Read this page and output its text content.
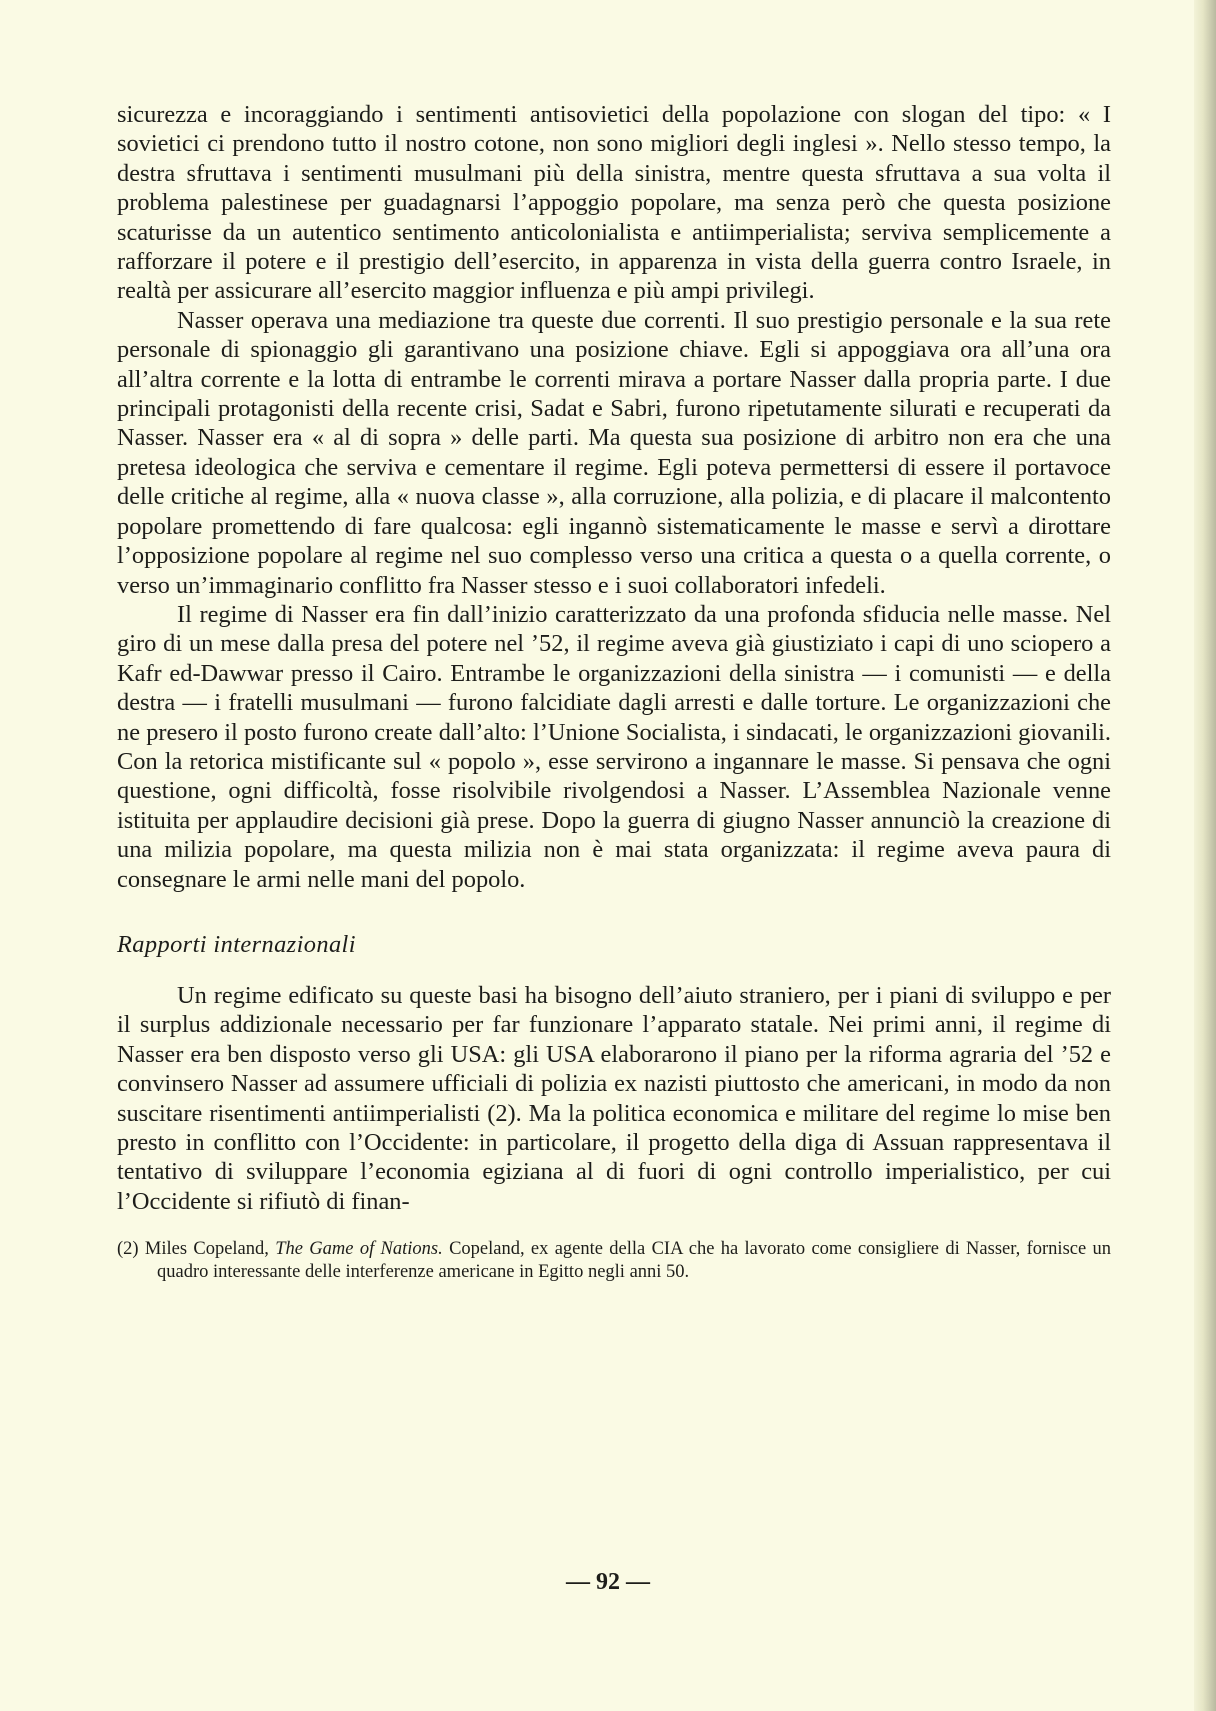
sicurezza e incoraggiando i sentimenti antisovietici della popolazione con slogan del tipo: « I sovietici ci prendono tutto il nostro cotone, non sono migliori degli inglesi ». Nello stesso tempo, la destra sfruttava i sentimenti musulmani più della sinistra, mentre questa sfruttava a sua volta il problema palestinese per guadagnarsi l’appoggio popolare, ma senza però che questa posizione scaturisse da un autentico sentimento anticolonialista e antiimperialista; serviva semplicemente a rafforzare il potere e il prestigio dell’esercito, in apparenza in vista della guerra contro Israele, in realtà per assicurare all’esercito maggior influenza e più ampi privilegi.

Nasser operava una mediazione tra queste due correnti. Il suo prestigio personale e la sua rete personale di spionaggio gli garantivano una posizione chiave. Egli si appoggiava ora all’una ora all’altra corrente e la lotta di entrambe le correnti mirava a portare Nasser dalla propria parte. I due principali protagonisti della recente crisi, Sadat e Sabri, furono ripetutamente silurati e recuperati da Nasser. Nasser era « al di sopra » delle parti. Ma questa sua posizione di arbitro non era che una pretesa ideologica che serviva e cementare il regime. Egli poteva permettersi di essere il portavoce delle critiche al regime, alla « nuova classe », alla corruzione, alla polizia, e di placare il malcontento popolare promettendo di fare qualcosa: egli ingannò sistematicamente le masse e servì a dirottare l’opposizione popolare al regime nel suo complesso verso una critica a questa o a quella corrente, o verso un’immaginario conflitto fra Nasser stesso e i suoi collaboratori infedeli.

Il regime di Nasser era fin dall’inizio caratterizzato da una profonda sfiducia nelle masse. Nel giro di un mese dalla presa del potere nel ’52, il regime aveva già giustiziato i capi di uno sciopero a Kafr ed-Dawwar presso il Cairo. Entrambe le organizzazioni della sinistra — i comunisti — e della destra — i fratelli musulmani — furono falcidiate dagli arresti e dalle torture. Le organizzazioni che ne presero il posto furono create dall’alto: l’Unione Socialista, i sindacati, le organizzazioni giovanili. Con la retorica mistificante sul « popolo », esse servirono a ingannare le masse. Si pensava che ogni questione, ogni difficoltà, fosse risolvibile rivolgendosi a Nasser. L’Assemblea Nazionale venne istituita per applaudire decisioni già prese. Dopo la guerra di giugno Nasser annunciò la creazione di una milizia popolare, ma questa milizia non è mai stata organizzata: il regime aveva paura di consegnare le armi nelle mani del popolo.

Rapporti internazionali

Un regime edificato su queste basi ha bisogno dell’aiuto straniero, per i piani di sviluppo e per il surplus addizionale necessario per far funzionare l’apparato statale. Nei primi anni, il regime di Nasser era ben disposto verso gli USA: gli USA elaborarono il piano per la riforma agraria del ’52 e convinsero Nasser ad assumere ufficiali di polizia ex nazisti piuttosto che americani, in modo da non suscitare risentimenti antiimperialisti (2). Ma la politica economica e militare del regime lo mise ben presto in conflitto con l’Occidente: in particolare, il progetto della diga di Assuan rappresentava il tentativo di sviluppare l’economia egiziana al di fuori di ogni controllo imperialistico, per cui l’Occidente si rifiutò di finan-

(2) Miles Copeland, The Game of Nations. Copeland, ex agente della CIA che ha lavorato come consigliere di Nasser, fornisce un quadro interessante delle interferenze americane in Egitto negli anni 50.
— 92 —
